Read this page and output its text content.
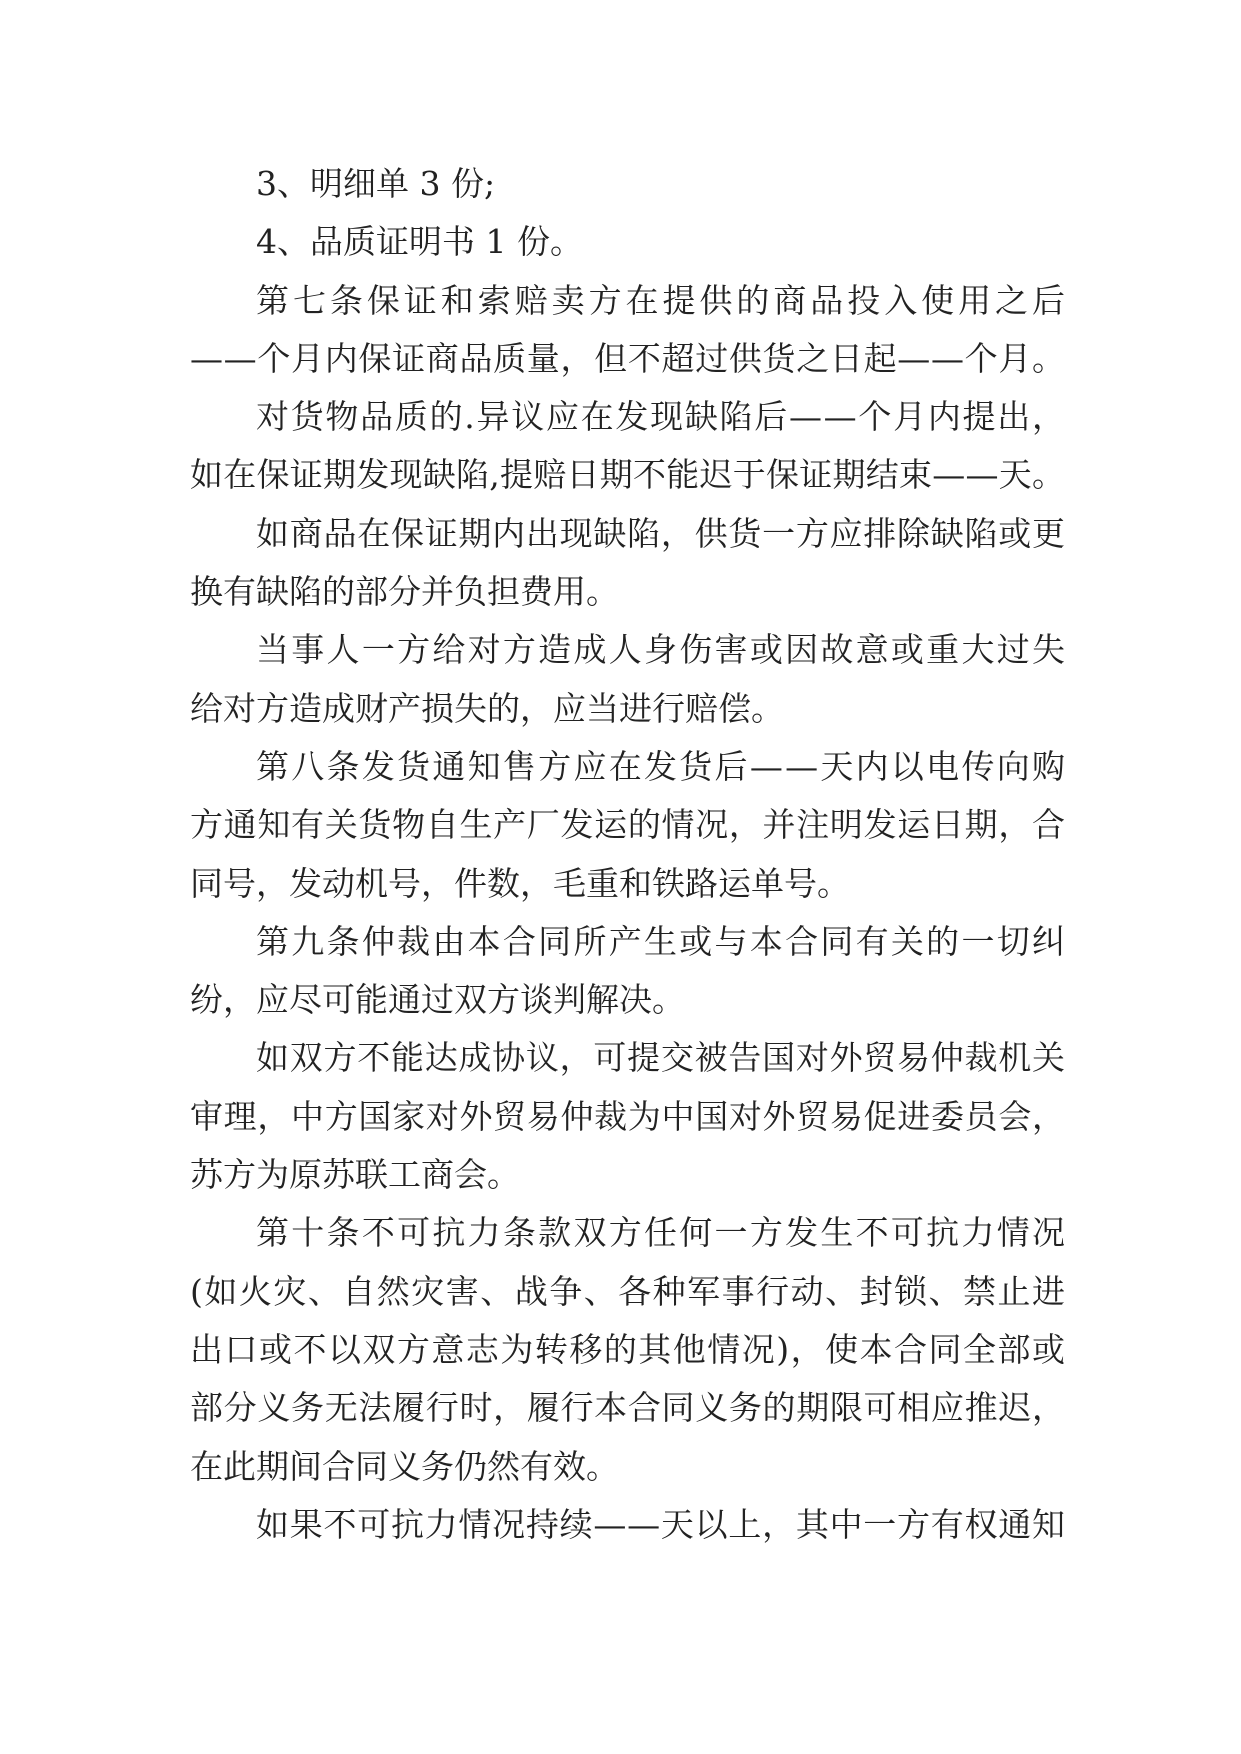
3、明细单 3 份;
4、品质证明书 1 份。
第七条保证和索赔卖方在提供的商品投入使用之后
——个月内保证商品质量，但不超过供货之日起——个月。
对货物品质的.异议应在发现缺陷后——个月内提出，
如在保证期发现缺陷,提赔日期不能迟于保证期结束——天。
如商品在保证期内出现缺陷，供货一方应排除缺陷或更
换有缺陷的部分并负担费用。
当事人一方给对方造成人身伤害或因故意或重大过失
给对方造成财产损失的，应当进行赔偿。
第八条发货通知售方应在发货后——天内以电传向购
方通知有关货物自生产厂发运的情况，并注明发运日期，合
同号，发动机号，件数，毛重和铁路运单号。
第九条仲裁由本合同所产生或与本合同有关的一切纠
纷，应尽可能通过双方谈判解决。
如双方不能达成协议，可提交被告国对外贸易仲裁机关
审理，中方国家对外贸易仲裁为中国对外贸易促进委员会，
苏方为原苏联工商会。
第十条不可抗力条款双方任何一方发生不可抗力情况
(如火灾、自然灾害、战争、各种军事行动、封锁、禁止进
出口或不以双方意志为转移的其他情况)，使本合同全部或
部分义务无法履行时，履行本合同义务的期限可相应推迟，
在此期间合同义务仍然有效。
如果不可抗力情况持续——天以上，其中一方有权通知
